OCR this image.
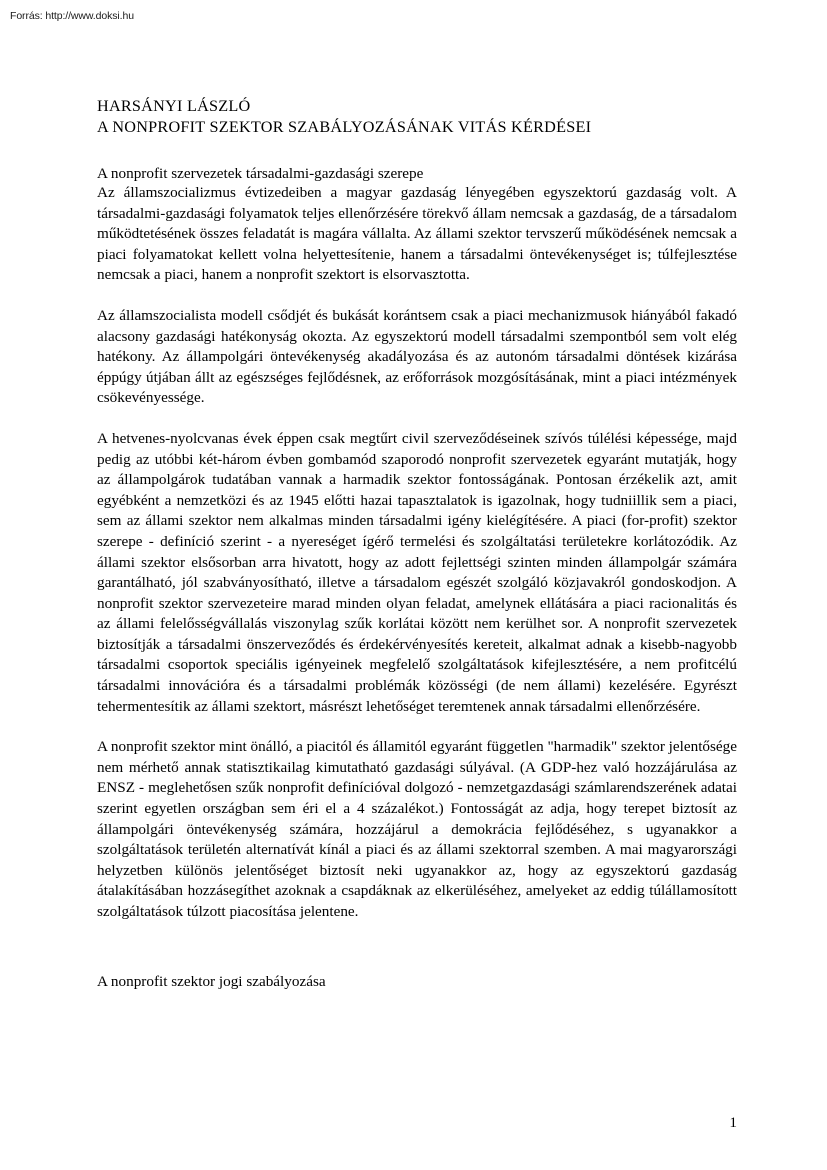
Forrás: http://www.doksi.hu
HARSÁNYI LÁSZLÓ
A NONPROFIT SZEKTOR SZABÁLYOZÁSÁNAK VITÁS KÉRDÉSEI
A nonprofit szervezetek társadalmi-gazdasági szerepe

Az államszocializmus évtizedeiben a magyar gazdaság lényegében egyszektorú gazdaság volt. A társadalmi-gazdasági folyamatok teljes ellenőrzésére törekvő állam nemcsak a gazdaság, de a társadalom működtetésének összes feladatát is magára vállalta. Az állami szektor tervszerű működésének nemcsak a piaci folyamatokat kellett volna helyettesítenie, hanem a társadalmi öntevékenységet is; túlfejlesztése nemcsak a piaci, hanem a nonprofit szektort is elsorvasztotta.

Az államszocialista modell csődjét és bukását korántsem csak a piaci mechanizmusok hiányából fakadó alacsony gazdasági hatékonyság okozta. Az egyszektorú modell társadalmi szempontból sem volt elég hatékony. Az állampolgári öntevékenység akadályozása és az autonóm társadalmi döntések kizárása éppúgy útjában állt az egészséges fejlődésnek, az erőforrások mozgósításának, mint a piaci intézmények csökevényessége.

A hetvenes-nyolcvanas évek éppen csak megtűrt civil szerveződéseinek szívós túlélési képessége, majd pedig az utóbbi két-három évben gombamód szaporodó nonprofit szervezetek egyaránt mutatják, hogy az állampolgárok tudatában vannak a harmadik szektor fontosságának. Pontosan érzékelik azt, amit egyébként a nemzetközi és az 1945 előtti hazai tapasztalatok is igazolnak, hogy tudniillik sem a piaci, sem az állami szektor nem alkalmas minden társadalmi igény kielégítésére. A piaci (for-profit) szektor szerepe - definíció szerint - a nyereséget ígérő termelési és szolgáltatási területekre korlátozódik. Az állami szektor elsősorban arra hivatott, hogy az adott fejlettségi szinten minden állampolgár számára garantálható, jól szabványosítható, illetve a társadalom egészét szolgáló közjavakról gondoskodjon. A nonprofit szektor szervezeteire marad minden olyan feladat, amelynek ellátására a piaci racionalitás és az állami felelősségvállalás viszonylag szűk korlátai között nem kerülhet sor. A nonprofit szervezetek biztosítják a társadalmi önszerveződés és érdekérvényesítés kereteit, alkalmat adnak a kisebb-nagyobb társadalmi csoportok speciális igényeinek megfelelő szolgáltatások kifejlesztésére, a nem profitcélú társadalmi innovációra és a társadalmi problémák közösségi (de nem állami) kezelésére. Egyrészt tehermentesítik az állami szektort, másrészt lehetőséget teremtenek annak társadalmi ellenőrzésére.

A nonprofit szektor mint önálló, a piacitól és államitól egyaránt független "harmadik" szektor jelentősége nem mérhető annak statisztikailag kimutatható gazdasági súlyával. (A GDP-hez való hozzájárulása az ENSZ - meglehetősen szűk nonprofit definícióval dolgozó - nemzetgazdasági számlarendszerének adatai szerint egyetlen országban sem éri el a 4 százalékot.) Fontosságát az adja, hogy terepet biztosít az állampolgári öntevékenység számára, hozzájárul a demokrácia fejlődéséhez, s ugyanakkor a szolgáltatások területén alternatívát kínál a piaci és az állami szektorral szemben. A mai magyarországi helyzetben különös jelentőséget biztosít neki ugyanakkor az, hogy az egyszektorú gazdaság átalakításában hozzásegíthet azoknak a csapdáknak az elkerüléséhez, amelyeket az eddig túlállamosított szolgáltatások túlzott piacosítása jelentene.

A nonprofit szektor jogi szabályozása
1
